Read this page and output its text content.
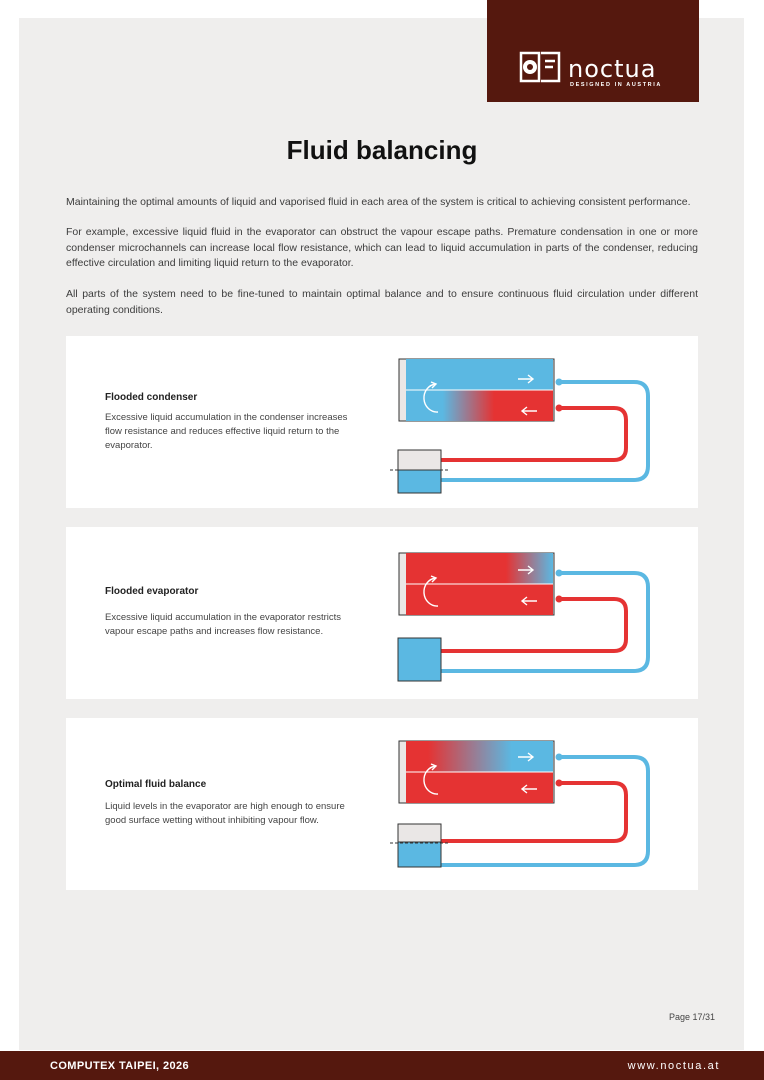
noctua
DESIGNED IN AUSTRIA
Fluid balancing

Maintaining the optimal amounts of liquid and vaporised fluid in each area of the system is critical to achieving consistent performance.

For example, excessive liquid fluid in the evaporator can obstruct the vapour escape paths. Premature condensation in one or more condenser microchannels can increase local flow resistance, which can lead to liquid accumulation in parts of the condenser, reducing effective circulation and limiting liquid return to the evaporator.

All parts of the system need to be fine-tuned to maintain optimal balance and to ensure continuous fluid circulation under different operating conditions.

Flooded condenser

Excessive liquid accumulation in the condenser increases flow resistance and reduces effective liquid return to the evaporator.

Flooded evaporator

Excessive liquid accumulation in the evaporator restricts vapour escape paths and increases flow resistance.

Optimal fluid balance

Liquid levels in the evaporator are high enough to ensure good surface wetting without inhibiting vapour flow.

Page 17/31
COMPUTEX TAIPEI, 2026	www.noctua.at
